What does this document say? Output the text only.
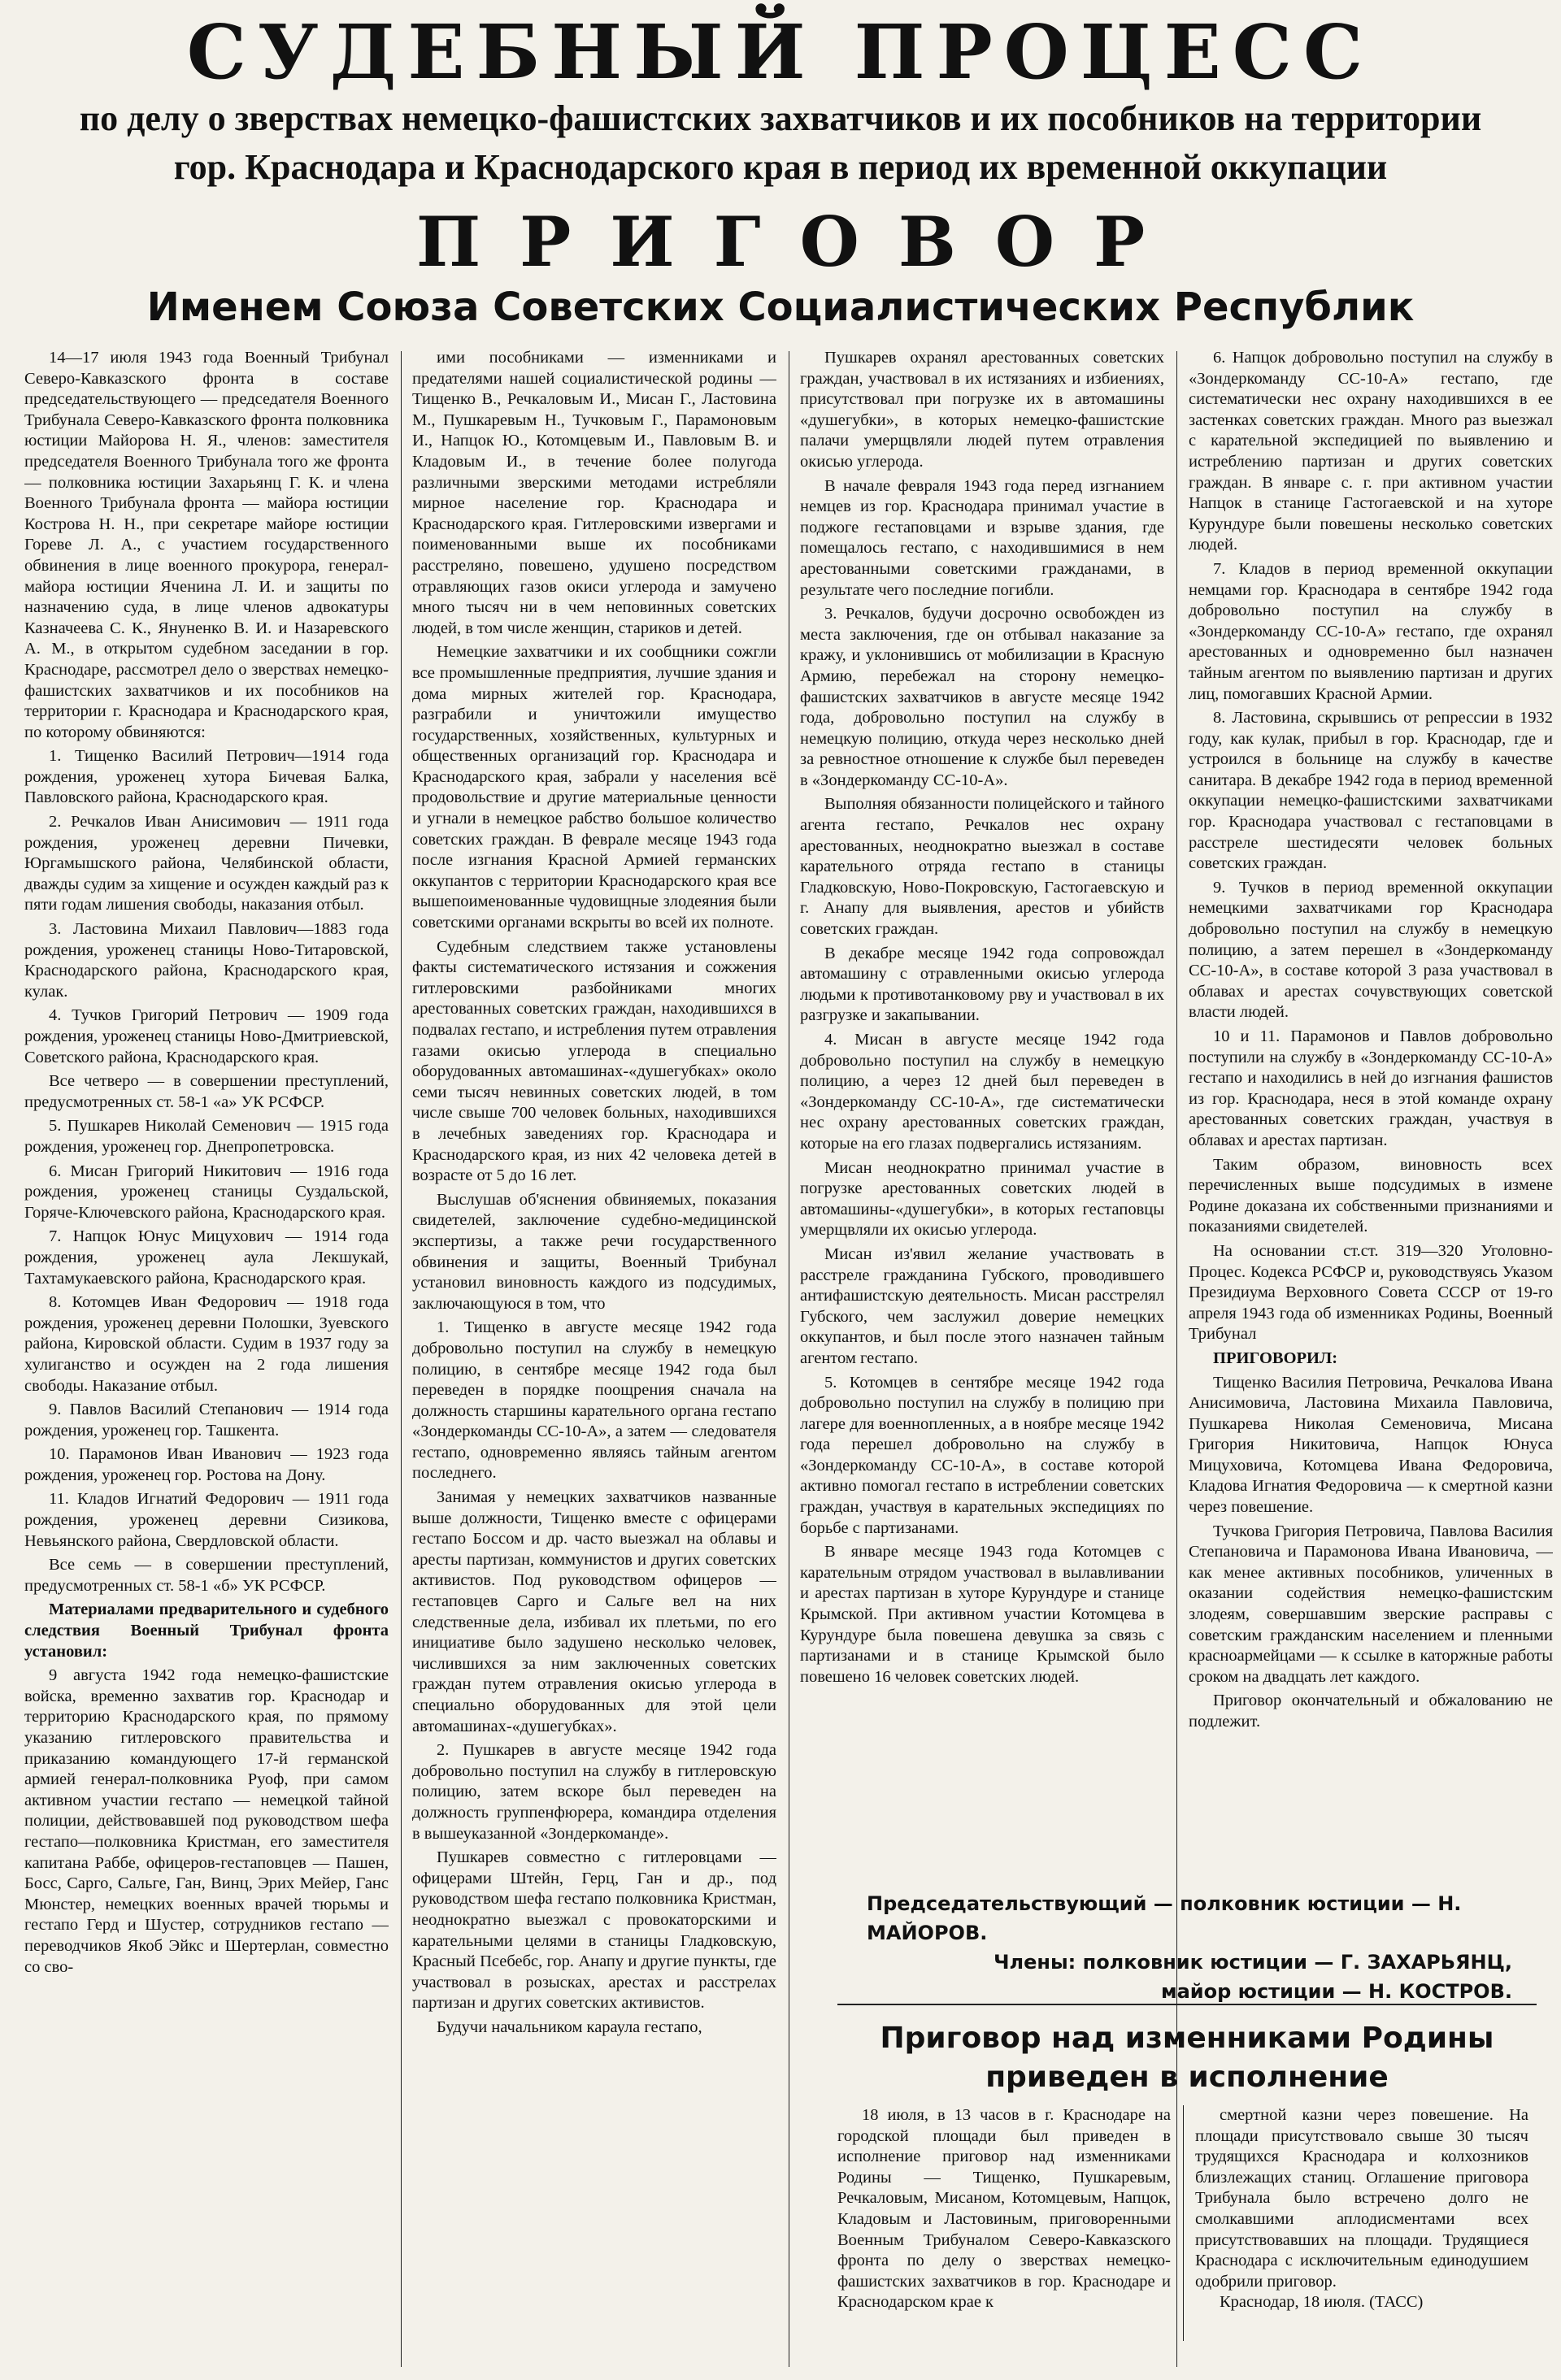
СУДЕБНЫЙ ПРОЦЕСС
по делу о зверствах немецко-фашистских захватчиков и их пособников на территории
гор. Краснодара и Краснодарского края в период их временной оккупации
ПРИГОВОР
Именем Союза Советских Социалистических Республик

14—17 июля 1943 года Военный Трибунал Северо-Кавказского фронта в составе председательствующего — председателя Военного Трибунала Северо-Кавказского фронта полковника юстиции Майорова Н. Я., членов: заместителя председателя Военного Трибунала того же фронта — полковника юстиции Захарьянц Г. К. и члена Военного Трибунала фронта — майора юстиции Кострова Н. Н., при секретаре майоре юстиции Гореве Л. А., с участием государственного обвинения в лице военного прокурора, генерал-майора юстиции Яченина Л. И. и защиты по назначению суда, в лице членов адвокатуры Казначеева С. К., Януненко В. И. и Назаревского А. М., в открытом судебном заседании в гор. Краснодаре, рассмотрел дело о зверствах немецко-фашистских захватчиков и их пособников на территории г. Краснодара и Краснодарского края, по которому обвиняются:

1. Тищенко Василий Петрович—1914 года рождения, уроженец хутора Бичевая Балка, Павловского района, Краснодарского края.

2. Речкалов Иван Анисимович — 1911 года рождения, уроженец деревни Пичевки, Юргамышского района, Челябинской области, дважды судим за хищение и осужден каждый раз к пяти годам лишения свободы, наказания отбыл.

3. Ластовина Михаил Павлович—1883 года рождения, уроженец станицы Ново-Титаровской, Краснодарского района, Краснодарского края, кулак.

4. Тучков Григорий Петрович — 1909 года рождения, уроженец станицы Ново-Дмитриевской, Советского района, Краснодарского края.

Все четверо — в совершении преступлений, предусмотренных ст. 58-1 «а» УК РСФСР.

5. Пушкарев Николай Семенович — 1915 года рождения, уроженец гор. Днепропетровска.

6. Мисан Григорий Никитович — 1916 года рождения, уроженец станицы Суздальской, Горяче-Ключевского района, Краснодарского края.

7. Напцок Юнус Мицухович — 1914 года рождения, уроженец аула Лекшукай, Тахтамукаевского района, Краснодарского края.

8. Котомцев Иван Федорович — 1918 года рождения, уроженец деревни Полошки, Зуевского района, Кировской области. Судим в 1937 году за хулиганство и осужден на 2 года лишения свободы. Наказание отбыл.

9. Павлов Василий Степанович — 1914 года рождения, уроженец гор. Ташкента.

10. Парамонов Иван Иванович — 1923 года рождения, уроженец гор. Ростова на Дону.

11. Кладов Игнатий Федорович — 1911 года рождения, уроженец деревни Сизикова, Невьянского района, Свердловской области.

Все семь — в совершении преступлений, предусмотренных ст. 58-1 «б» УК РСФСР.

Материалами предварительного и судебного следствия Военный Трибунал фронта установил:

9 августа 1942 года немецко-фашистские войска, временно захватив гор. Краснодар и территорию Краснодарского края, по прямому указанию гитлеровского правительства и приказанию командующего 17-й германской армией генерал-полковника Руоф, при самом активном участии гестапо — немецкой тайной полиции, действовавшей под руководством шефа гестапо—полковника Кристман, его заместителя капитана Раббе, офицеров-гестаповцев — Пашен, Босс, Сарго, Сальге, Ган, Винц, Эрих Мейер, Ганс Мюнстер, немецких военных врачей тюрьмы и гестапо Герд и Шустер, сотрудников гестапо — переводчиков Якоб Эйкс и Шертерлан, совместно со сво-

ими пособниками — изменниками и предателями нашей социалистической родины — Тищенко В., Речкаловым И., Мисан Г., Ластовина М., Пушкаревым Н., Тучковым Г., Парамоновым И., Напцок Ю., Котомцевым И., Павловым В. и Кладовым И., в течение более полугода различными зверскими методами истребляли мирное население гор. Краснодара и Краснодарского края. Гитлеровскими извергами и поименованными выше их пособниками расстреляно, повешено, удушено посредством отравляющих газов окиси углерода и замучено много тысяч ни в чем неповинных советских людей, в том числе женщин, стариков и детей.

Немецкие захватчики и их сообщники сожгли все промышленные предприятия, лучшие здания и дома мирных жителей гор. Краснодара, разграбили и уничтожили имущество государственных, хозяйственных, культурных и общественных организаций гор. Краснодара и Краснодарского края, забрали у населения всё продовольствие и другие материальные ценности и угнали в немецкое рабство большое количество советских граждан. В феврале месяце 1943 года после изгнания Красной Армией германских оккупантов с территории Краснодарского края все вышепоименованные чудовищные злодеяния были советскими органами вскрыты во всей их полноте.

Судебным следствием также установлены факты систематического истязания и сожжения гитлеровскими разбойниками многих арестованных советских граждан, находившихся в подвалах гестапо, и истребления путем отравления газами окисью углерода в специально оборудованных автомашинах-«душегубках» около семи тысяч невинных советских людей, в том числе свыше 700 человек больных, находившихся в лечебных заведениях гор. Краснодара и Краснодарского края, из них 42 человека детей в возрасте от 5 до 16 лет.

Выслушав об'яснения обвиняемых, показания свидетелей, заключение судебно-медицинской экспертизы, а также речи государственного обвинения и защиты, Военный Трибунал установил виновность каждого из подсудимых, заключающуюся в том, что

1. Тищенко в августе месяце 1942 года добровольно поступил на службу в немецкую полицию, в сентябре месяце 1942 года был переведен в порядке поощрения сначала на должность старшины карательного органа гестапо «Зондеркоманды СС-10-А», а затем — следователя гестапо, одновременно являясь тайным агентом последнего.

Занимая у немецких захватчиков названные выше должности, Тищенко вместе с офицерами гестапо Боссом и др. часто выезжал на облавы и аресты партизан, коммунистов и других советских активистов. Под руководством офицеров — гестаповцев Сарго и Сальге вел на них следственные дела, избивал их плетьми, по его инициативе было задушено несколько человек, числившихся за ним заключенных советских граждан путем отравления окисью углерода в специально оборудованных для этой цели автомашинах-«душегубках».

2. Пушкарев в августе месяце 1942 года добровольно поступил на службу в гитлеровскую полицию, затем вскоре был переведен на должность группенфюрера, командира отделения в вышеуказанной «Зондеркоманде».

Пушкарев совместно с гитлеровцами — офицерами Штейн, Герц, Ган и др., под руководством шефа гестапо полковника Кристман, неоднократно выезжал с провокаторскими и карательными целями в станицы Гладковскую, Красный Псебебс, гор. Анапу и другие пункты, где участвовал в розысках, арестах и расстрелах партизан и других советских активистов.

Будучи начальником караула гестапо,

Пушкарев охранял арестованных советских граждан, участвовал в их истязаниях и избиениях, присутствовал при погрузке их в автомашины «душегубки», в которых немецко-фашистские палачи умерщвляли людей путем отравления окисью углерода.

В начале февраля 1943 года перед изгнанием немцев из гор. Краснодара принимал участие в поджоге гестаповцами и взрыве здания, где помещалось гестапо, с находившимися в нем арестованными советскими гражданами, в результате чего последние погибли.

3. Речкалов, будучи досрочно освобожден из места заключения, где он отбывал наказание за кражу, и уклонившись от мобилизации в Красную Армию, перебежал на сторону немецко-фашистских захватчиков в августе месяце 1942 года, добровольно поступил на службу в немецкую полицию, откуда через несколько дней за ревностное отношение к службе был переведен в «Зондеркоманду СС-10-А».

Выполняя обязанности полицейского и тайного агента гестапо, Речкалов нес охрану арестованных, неоднократно выезжал в составе карательного отряда гестапо в станицы Гладковскую, Ново-Покровскую, Гастогаевскую и г. Анапу для выявления, арестов и убийств советских граждан.

В декабре месяце 1942 года сопровождал автомашину с отравленными окисью углерода людьми к противотанковому рву и участвовал в их разгрузке и закапывании.

4. Мисан в августе месяце 1942 года добровольно поступил на службу в немецкую полицию, а через 12 дней был переведен в «Зондеркоманду СС-10-А», где систематически нес охрану арестованных советских граждан, которые на его глазах подвергались истязаниям.

Мисан неоднократно принимал участие в погрузке арестованных советских людей в автомашины-«душегубки», в которых гестаповцы умерщвляли их окисью углерода.

Мисан из'явил желание участвовать в расстреле гражданина Губского, проводившего антифашистскую деятельность. Мисан расстрелял Губского, чем заслужил доверие немецких оккупантов, и был после этого назначен тайным агентом гестапо.

5. Котомцев в сентябре месяце 1942 года добровольно поступил на службу в полицию при лагере для военнопленных, а в ноябре месяце 1942 года перешел добровольно на службу в «Зондеркоманду СС-10-А», в составе которой активно помогал гестапо в истреблении советских граждан, участвуя в карательных экспедициях по борьбе с партизанами.

В январе месяце 1943 года Котомцев с карательным отрядом участвовал в вылавливании и арестах партизан в хуторе Курундуре и станице Крымской. При активном участии Котомцева в Курундуре была повешена девушка за связь с партизанами и в станице Крымской было повешено 16 человек советских людей.

6. Напцок добровольно поступил на службу в «Зондеркоманду СС-10-А» гестапо, где систематически нес охрану находившихся в ее застенках советских граждан. Много раз выезжал с карательной экспедицией по выявлению и истреблению партизан и других советских граждан. В январе с. г. при активном участии Напцок в станице Гастогаевской и на хуторе Курундуре были повешены несколько советских людей.

7. Кладов в период временной оккупации немцами гор. Краснодара в сентябре 1942 года добровольно поступил на службу в «Зондеркоманду СС-10-А» гестапо, где охранял арестованных и одновременно был назначен тайным агентом по выявлению партизан и других лиц, помогавших Красной Армии.

8. Ластовина, скрывшись от репрессии в 1932 году, как кулак, прибыл в гор. Краснодар, где и устроился в больнице на службу в качестве санитара. В декабре 1942 года в период временной оккупации немецко-фашистскими захватчиками гор. Краснодара участвовал с гестаповцами в расстреле шестидесяти человек больных советских граждан.

9. Тучков в период временной оккупации немецкими захватчиками гор Краснодара добровольно поступил на службу в немецкую полицию, а затем перешел в «Зондеркоманду СС-10-А», в составе которой 3 раза участвовал в облавах и арестах сочувствующих советской власти людей.

10 и 11. Парамонов и Павлов добровольно поступили на службу в «Зондеркоманду СС-10-А» гестапо и находились в ней до изгнания фашистов из гор. Краснодара, неся в этой команде охрану арестованных советских граждан, участвуя в облавах и арестах партизан.

Таким образом, виновность всех перечисленных выше подсудимых в измене Родине доказана их собственными признаниями и показаниями свидетелей.

На основании ст.ст. 319—320 Уголовно-Процес. Кодекса РСФСР и, руководствуясь Указом Президиума Верховного Совета СССР от 19-го апреля 1943 года об изменниках Родины, Военный Трибунал

ПРИГОВОРИЛ:

Тищенко Василия Петровича, Речкалова Ивана Анисимовича, Ластовина Михаила Павловича, Пушкарева Николая Семеновича, Мисана Григория Никитовича, Напцок Юнуса Мицуховича, Котомцева Ивана Федоровича, Кладова Игнатия Федоровича — к смертной казни через повешение.

Тучкова Григория Петровича, Павлова Василия Степановича и Парамонова Ивана Ивановича, — как менее активных пособников, уличенных в оказании содействия немецко-фашистским злодеям, совершавшим зверские расправы с советским гражданским населением и пленными красноармейцами — к ссылке в каторжные работы сроком на двадцать лет каждого.

Приговор окончательный и обжалованию не подлежит.

Председательствующий — полковник юстиции — Н. МАЙОРОВ.

Члены: полковник юстиции — Г. ЗАХАРЬЯНЦ,

майор юстиции — Н. КОСТРОВ.

Приговор над изменниками Родины
приведен в исполнение

18 июля, в 13 часов в г. Краснодаре на городской площади был приведен в исполнение приговор над изменниками Родины — Тищенко, Пушкаревым, Речкаловым, Мисаном, Котомцевым, Напцок, Кладовым и Ластовиным, приговоренными Военным Трибуналом Северо-Кавказского фронта по делу о зверствах немецко-фашистских захватчиков в гор. Краснодаре и Краснодарском крае к

смертной казни через повешение. На площади присутствовало свыше 30 тысяч трудящихся Краснодара и колхозников близлежащих станиц. Оглашение приговора Трибунала было встречено долго не смолкавшими аплодисментами всех присутствовавших на площади. Трудящиеся Краснодара с исключительным единодушием одобрили приговор.

Краснодар, 18 июля. (ТАСС)
